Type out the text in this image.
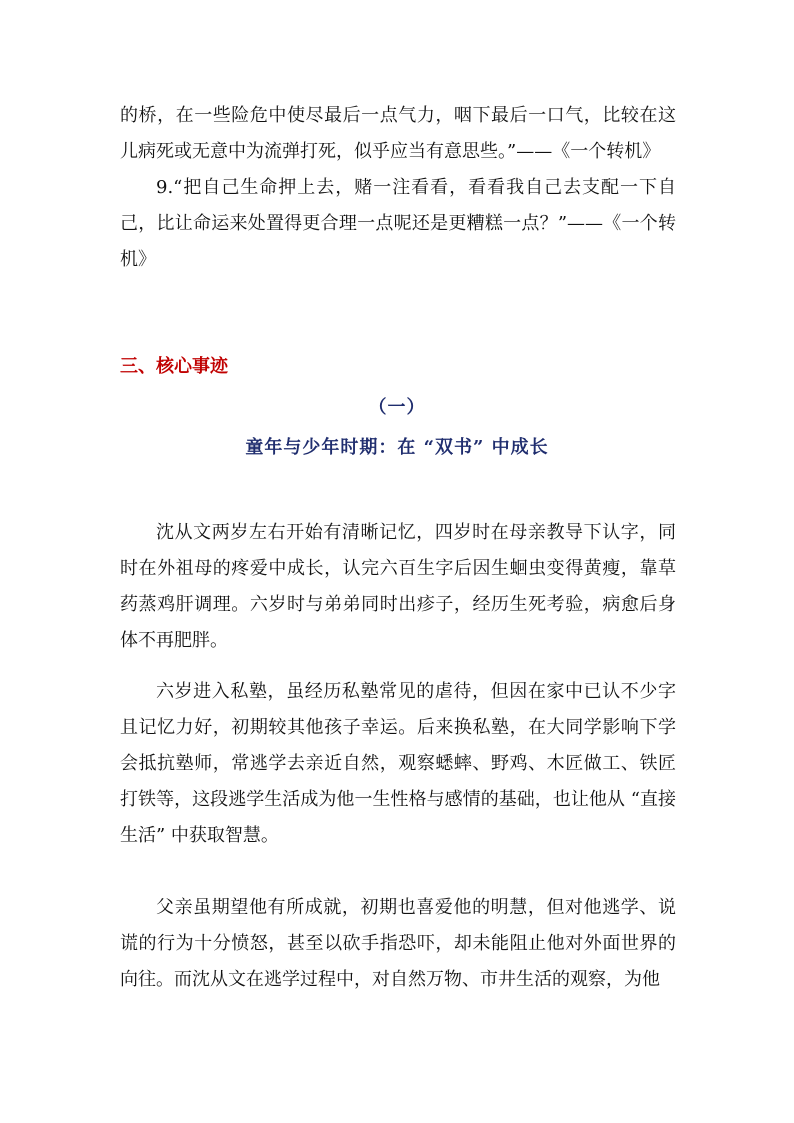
的桥，在一些险危中使尽最后一点气力，咽下最后一口气，比较在这儿病死或无意中为流弹打死，似乎应当有意思些。”——《一个转机》

9.“把自己生命押上去，赌一注看看，看看我自己去支配一下自己，比让命运来处置得更合理一点呢还是更糟糕一点？”——《一个转机》

三、核心事迹
（一）
童年与少年时期：在 “双书” 中成长

沈从文两岁左右开始有清晰记忆，四岁时在母亲教导下认字，同时在外祖母的疼爱中成长，认完六百生字后因生蛔虫变得黄瘦，靠草药蒸鸡肝调理。六岁时与弟弟同时出疹子，经历生死考验，病愈后身体不再肥胖。

六岁进入私塾，虽经历私塾常见的虐待，但因在家中已认不少字且记忆力好，初期较其他孩子幸运。后来换私塾，在大同学影响下学会抵抗塾师，常逃学去亲近自然，观察蟋蟀、野鸡、木匠做工、铁匠打铁等，这段逃学生活成为他一生性格与感情的基础，也让他从 “直接生活” 中获取智慧。

父亲虽期望他有所成就，初期也喜爱他的明慧，但对他逃学、说谎的行为十分愤怒，甚至以砍手指恐吓，却未能阻止他对外面世界的向往。而沈从文在逃学过程中，对自然万物、市井生活的观察，为他
